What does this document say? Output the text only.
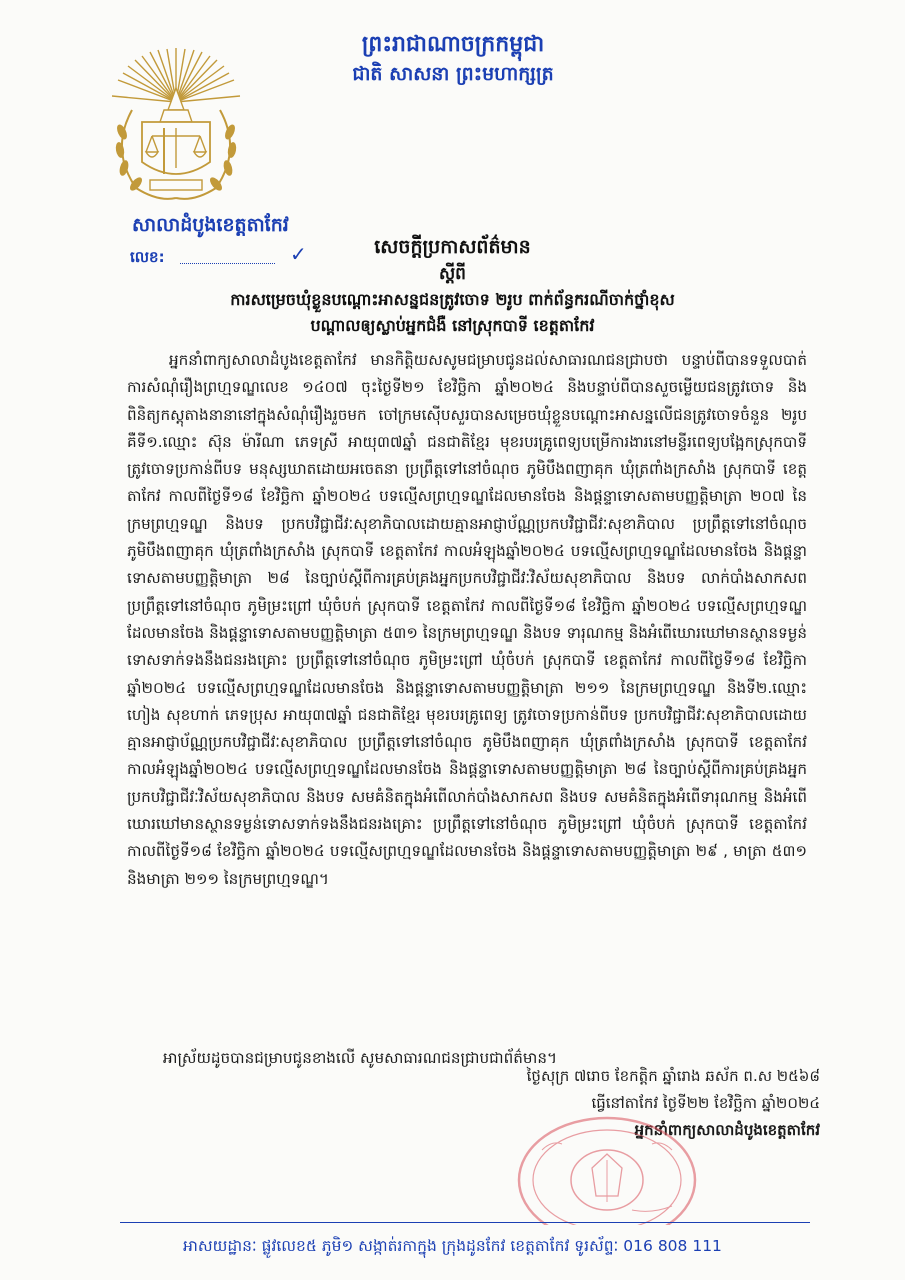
ព្រះរាជាណាចក្រកម្ពុជា
ជាតិ សាសនា ព្រះមហាក្សត្រ
សាលាដំបូងខេត្តតាកែវ
លេខ:	✓	សេចក្តីប្រកាសព័ត៌មាន
ស្តីពី
ការសម្រេចឃុំខ្លួនបណ្ដោះអាសន្នជនត្រូវចោទ ២រូប ពាក់ព័ន្ធករណីចាក់ថ្នាំខុស
បណ្ដាលឲ្យស្លាប់អ្នកជំងឺ នៅស្រុកបាទី ខេត្តតាកែវ
អ្នកនាំពាក្យសាលាដំបូងខេត្តតាកែវ មានកិត្តិយសសូមជម្រាបជូនដល់សាធារណជនជ្រាបថា បន្ទាប់ពីបានទទួលបាត់ការសំណុំរឿងព្រហ្មទណ្ឌលេខ ១៤០៧ ចុះថ្ងៃទី២១ ខែវិច្ឆិកា ឆ្នាំ២០២៤ និងបន្ទាប់ពីបានសួចម្លើយជនត្រូវចោទ និងពិនិត្យកស្តុតាងនានានៅក្នុងសំណុំរឿងរួចមក ចៅក្រមស៊ើបសួរបានសម្រេចឃុំខ្លួនបណ្ដោះអាសន្នលើជនត្រូវចោទចំនួន ២រូប គឺទី១.ឈ្មោះ ស៊ុន ម៉ារីណា ភេទស្រី អាយុ៣៧ឆ្នាំ ជនជាតិខ្មែរ មុខរបរគ្រូពេទ្យបម្រើការងារនៅមន្ទីរពេទ្យបង្អែកស្រុកបាទី ត្រូវចោទប្រកាន់ពីបទ មនុស្សឃាតដោយអចេតនា ប្រព្រឹត្តទៅនៅចំណុច ភូមិបឹងពញាគុក ឃុំត្រពាំងក្រសាំង ស្រុកបាទី ខេត្តតាកែវ កាលពីថ្ងៃទី១៨ ខែវិច្ឆិកា ឆ្នាំ២០២៤ បទល្មើសព្រហ្មទណ្ឌដែលមានចែង និងផ្តន្ទាទោសតាមបញ្ញត្តិមាត្រា ២០៧ នៃក្រមព្រហ្មទណ្ឌ និងបទ ប្រកបវិជ្ជាជីវៈសុខាភិបាលដោយគ្មានអាជ្ញាប័ណ្ណប្រកបវិជ្ជាជីវៈសុខាភិបាល ប្រព្រឹត្តទៅនៅចំណុច ភូមិបឹងពញាគុក ឃុំត្រពាំងក្រសាំង ស្រុកបាទី ខេត្តតាកែវ កាលអំឡុងឆ្នាំ២០២៤ បទល្មើសព្រហ្មទណ្ឌដែលមានចែង និងផ្តន្ទាទោសតាមបញ្ញត្តិមាត្រា ២៨ នៃច្បាប់ស្តីពីការគ្រប់គ្រងអ្នកប្រកបវិជ្ជាជីវៈវិស័យសុខាភិបាល និងបទ លាក់បាំងសាកសព ប្រព្រឹត្តទៅនៅចំណុច ភូមិម្រះព្រៅ ឃុំចំបក់ ស្រុកបាទី ខេត្តតាកែវ កាលពីថ្ងៃទី១៨ ខែវិច្ឆិកា ឆ្នាំ២០២៤ បទល្មើសព្រហ្មទណ្ឌដែលមានចែង និងផ្តន្ទាទោសតាមបញ្ញត្តិមាត្រា ៥៣១ នៃក្រមព្រហ្មទណ្ឌ និងបទ ទារុណកម្ម និងអំពើឃោរឃៅមានស្ថានទម្ងន់ទោសទាក់ទងនឹងជនរងគ្រោះ ប្រព្រឹត្តទៅនៅចំណុច ភូមិម្រះព្រៅ ឃុំចំបក់ ស្រុកបាទី ខេត្តតាកែវ កាលពីថ្ងៃទី១៨ ខែវិច្ឆិកា ឆ្នាំ២០២៤ បទល្មើសព្រហ្មទណ្ឌដែលមានចែង និងផ្តន្ទាទោសតាមបញ្ញត្តិមាត្រា ២១១ នៃក្រមព្រហ្មទណ្ឌ និងទី២.ឈ្មោះ ហៀង សុខហាក់ ភេទប្រុស អាយុ៣៧ឆ្នាំ ជនជាតិខ្មែរ មុខរបរគ្រូពេទ្យ ត្រូវចោទប្រកាន់ពីបទ ប្រកបវិជ្ជាជីវៈសុខាភិបាលដោយគ្មានអាជ្ញាប័ណ្ណប្រកបវិជ្ជាជីវៈសុខាភិបាល ប្រព្រឹត្តទៅនៅចំណុច ភូមិបឹងពញាគុក ឃុំត្រពាំងក្រសាំង ស្រុកបាទី ខេត្តតាកែវ កាលអំឡុងឆ្នាំ២០២៤ បទល្មើសព្រហ្មទណ្ឌដែលមានចែង និងផ្តន្ទាទោសតាមបញ្ញត្តិមាត្រា ២៨ នៃច្បាប់ស្តីពីការគ្រប់គ្រងអ្នកប្រកបវិជ្ជាជីវៈវិស័យសុខាភិបាល និងបទ សមគំនិតក្នុងអំពើលាក់បាំងសាកសព និងបទ សមគំនិតក្នុងអំពើទារុណកម្ម និងអំពើឃោរឃៅមានស្ថានទម្ងន់ទោសទាក់ទងនឹងជនរងគ្រោះ ប្រព្រឹត្តទៅនៅចំណុច ភូមិម្រះព្រៅ ឃុំចំបក់ ស្រុកបាទី ខេត្តតាកែវ កាលពីថ្ងៃទី១៨ ខែវិច្ឆិកា ឆ្នាំ២០២៤ បទល្មើសព្រហ្មទណ្ឌដែលមានចែង និងផ្តន្ទាទោសតាមបញ្ញត្តិមាត្រា ២៩ , មាត្រា ៥៣១ និងមាត្រា ២១១ នៃក្រមព្រហ្មទណ្ឌ។
អាស្រ័យដូចបានជម្រាបជូនខាងលើ សូមសាធារណជនជ្រាបជាព័ត៌មាន។
ថ្ងៃសុក្រ ៧រោច ខែកត្តិក ឆ្នាំរោង ឆស័ក ព.ស ២៥៦៨
ធ្វើនៅតាកែវ ថ្ងៃទី២២ ខែវិច្ឆិកា ឆ្នាំ២០២៤
អ្នកនាំពាក្យសាលាដំបូងខេត្តតាកែវ
អាសយដ្ឋានៈ ផ្លូវលេខ៥ ភូមិ១ សង្កាត់រកាក្នុង ក្រុងដូនកែវ ខេត្តតាកែវ ទូរស័ព្ទៈ 016 808 111
